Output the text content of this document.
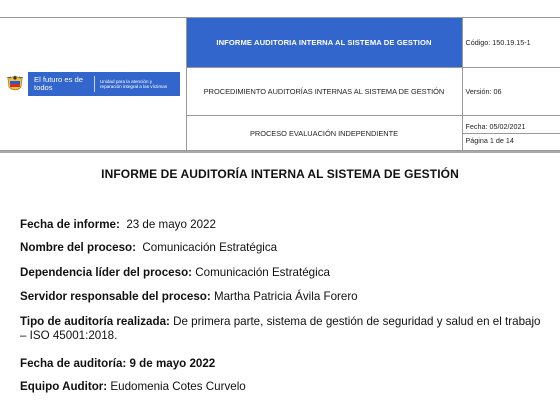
El futuro es de todos
Unidad para la atención y reparación integral a las víctimas	INFORME AUDITORIA INTERNA AL SISTEMA DE GESTION	Código: 150.19.15-1
	PROCEDIMIENTO AUDITORÍAS INTERNAS AL SISTEMA DE GESTIÓN	Versión: 06
	PROCESO EVALUACIÓN INDEPENDIENTE	Fecha: 05/02/2021
Página 1 de 14
INFORME DE AUDITORÍA INTERNA AL SISTEMA DE GESTIÓN

Fecha de informe: 23 de mayo 2022

Nombre del proceso: Comunicación Estratégica

Dependencia líder del proceso: Comunicación Estratégica

Servidor responsable del proceso: Martha Patricia Ávila Forero

Tipo de auditoría realizada: De primera parte, sistema de gestión de seguridad y salud en el trabajo – ISO 45001:2018.

Fecha de auditoría: 9 de mayo 2022

Equipo Auditor: Eudomenia Cotes Curvelo
